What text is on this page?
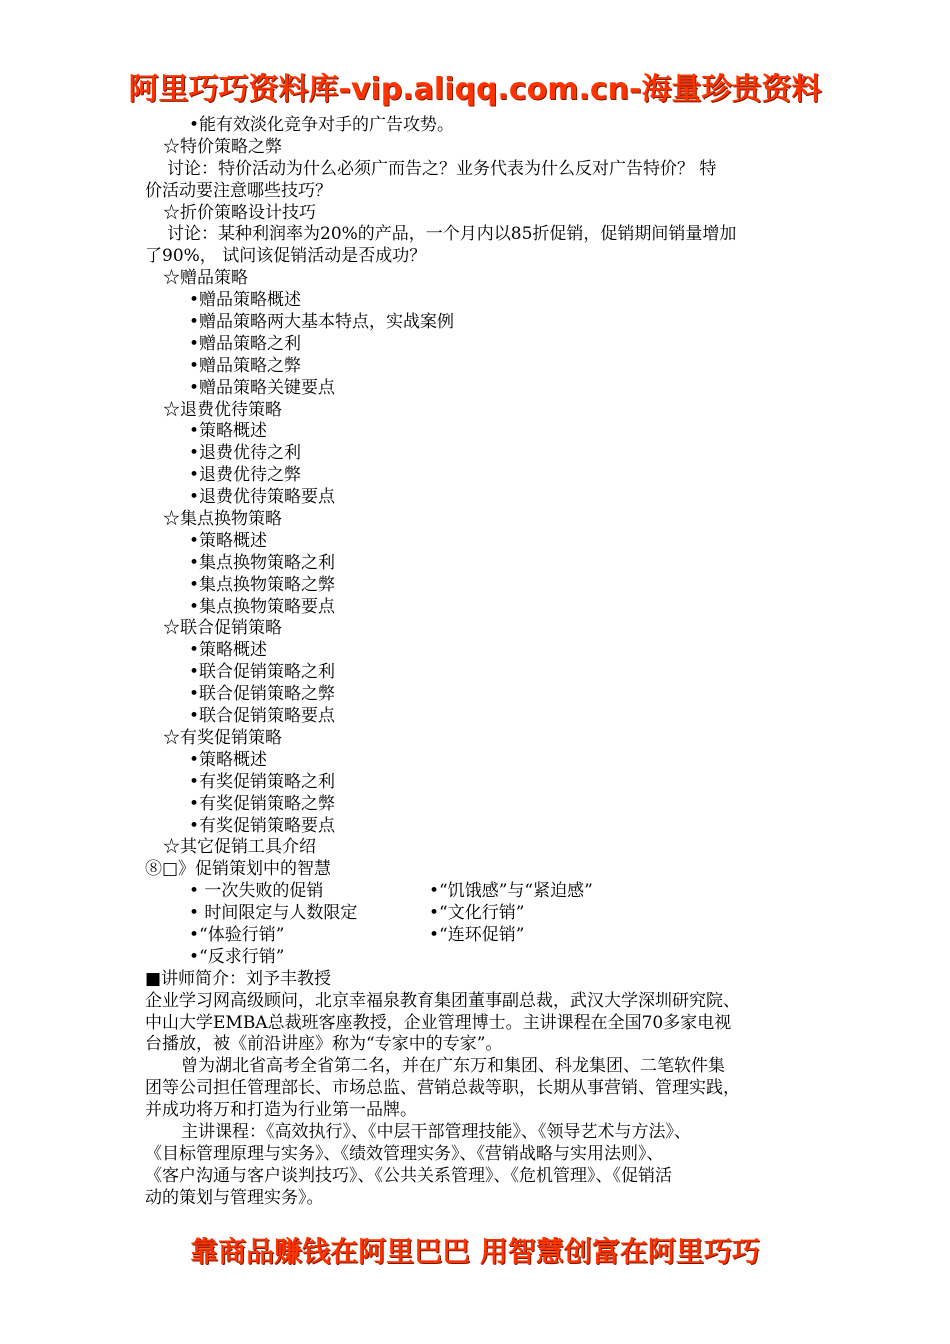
阿里巧巧资料库-vip.aliqq.com.cn-海量珍贵资料
•能有效淡化竞争对手的广告攻势。
☆特价策略之弊
讨论：特价活动为什么必须广而告之？业务代表为什么反对广告特价？ 特
价活动要注意哪些技巧？
☆折价策略设计技巧
讨论：某种利润率为20%的产品，一个月内以85折促销，促销期间销量增加
了90%， 试问该促销活动是否成功？
☆赠品策略
•赠品策略概述
•赠品策略两大基本特点，实战案例
•赠品策略之利
•赠品策略之弊
•赠品策略关键要点
☆退费优待策略
•策略概述
•退费优待之利
•退费优待之弊
•退费优待策略要点
☆集点换物策略
•策略概述
•集点换物策略之利
•集点换物策略之弊
•集点换物策略要点
☆联合促销策略
•策略概述
•联合促销策略之利
•联合促销策略之弊
•联合促销策略要点
☆有奖促销策略
•策略概述
•有奖促销策略之利
•有奖促销策略之弊
•有奖促销策略要点
☆其它促销工具介绍
⑧□》促销策划中的智慧
• 一次失败的促销	•“饥饿感”与“紧迫感”
• 时间限定与人数限定	•“文化行销”
•“体验行销”	•“连环促销”
•“反求行销”
■讲师简介：刘予丰教授
企业学习网高级顾问，北京幸福泉教育集团董事副总裁，武汉大学深圳研究院、
中山大学EMBA总裁班客座教授，企业管理博士。主讲课程在全国70多家电视
台播放，被《前沿讲座》称为“专家中的专家”。
曾为湖北省高考全省第二名，并在广东万和集团、科龙集团、二笔软件集
团等公司担任管理部长、市场总监、营销总裁等职，长期从事营销、管理实践，
并成功将万和打造为行业第一品牌。
主讲课程：《高效执行》、《中层干部管理技能》、《领导艺术与方法》、
《目标管理原理与实务》、《绩效管理实务》、《营销战略与实用法则》、
《客户沟通与客户谈判技巧》、《公共关系管理》、《危机管理》、《促销活
动的策划与管理实务》。
靠商品赚钱在阿里巴巴 用智慧创富在阿里巧巧
